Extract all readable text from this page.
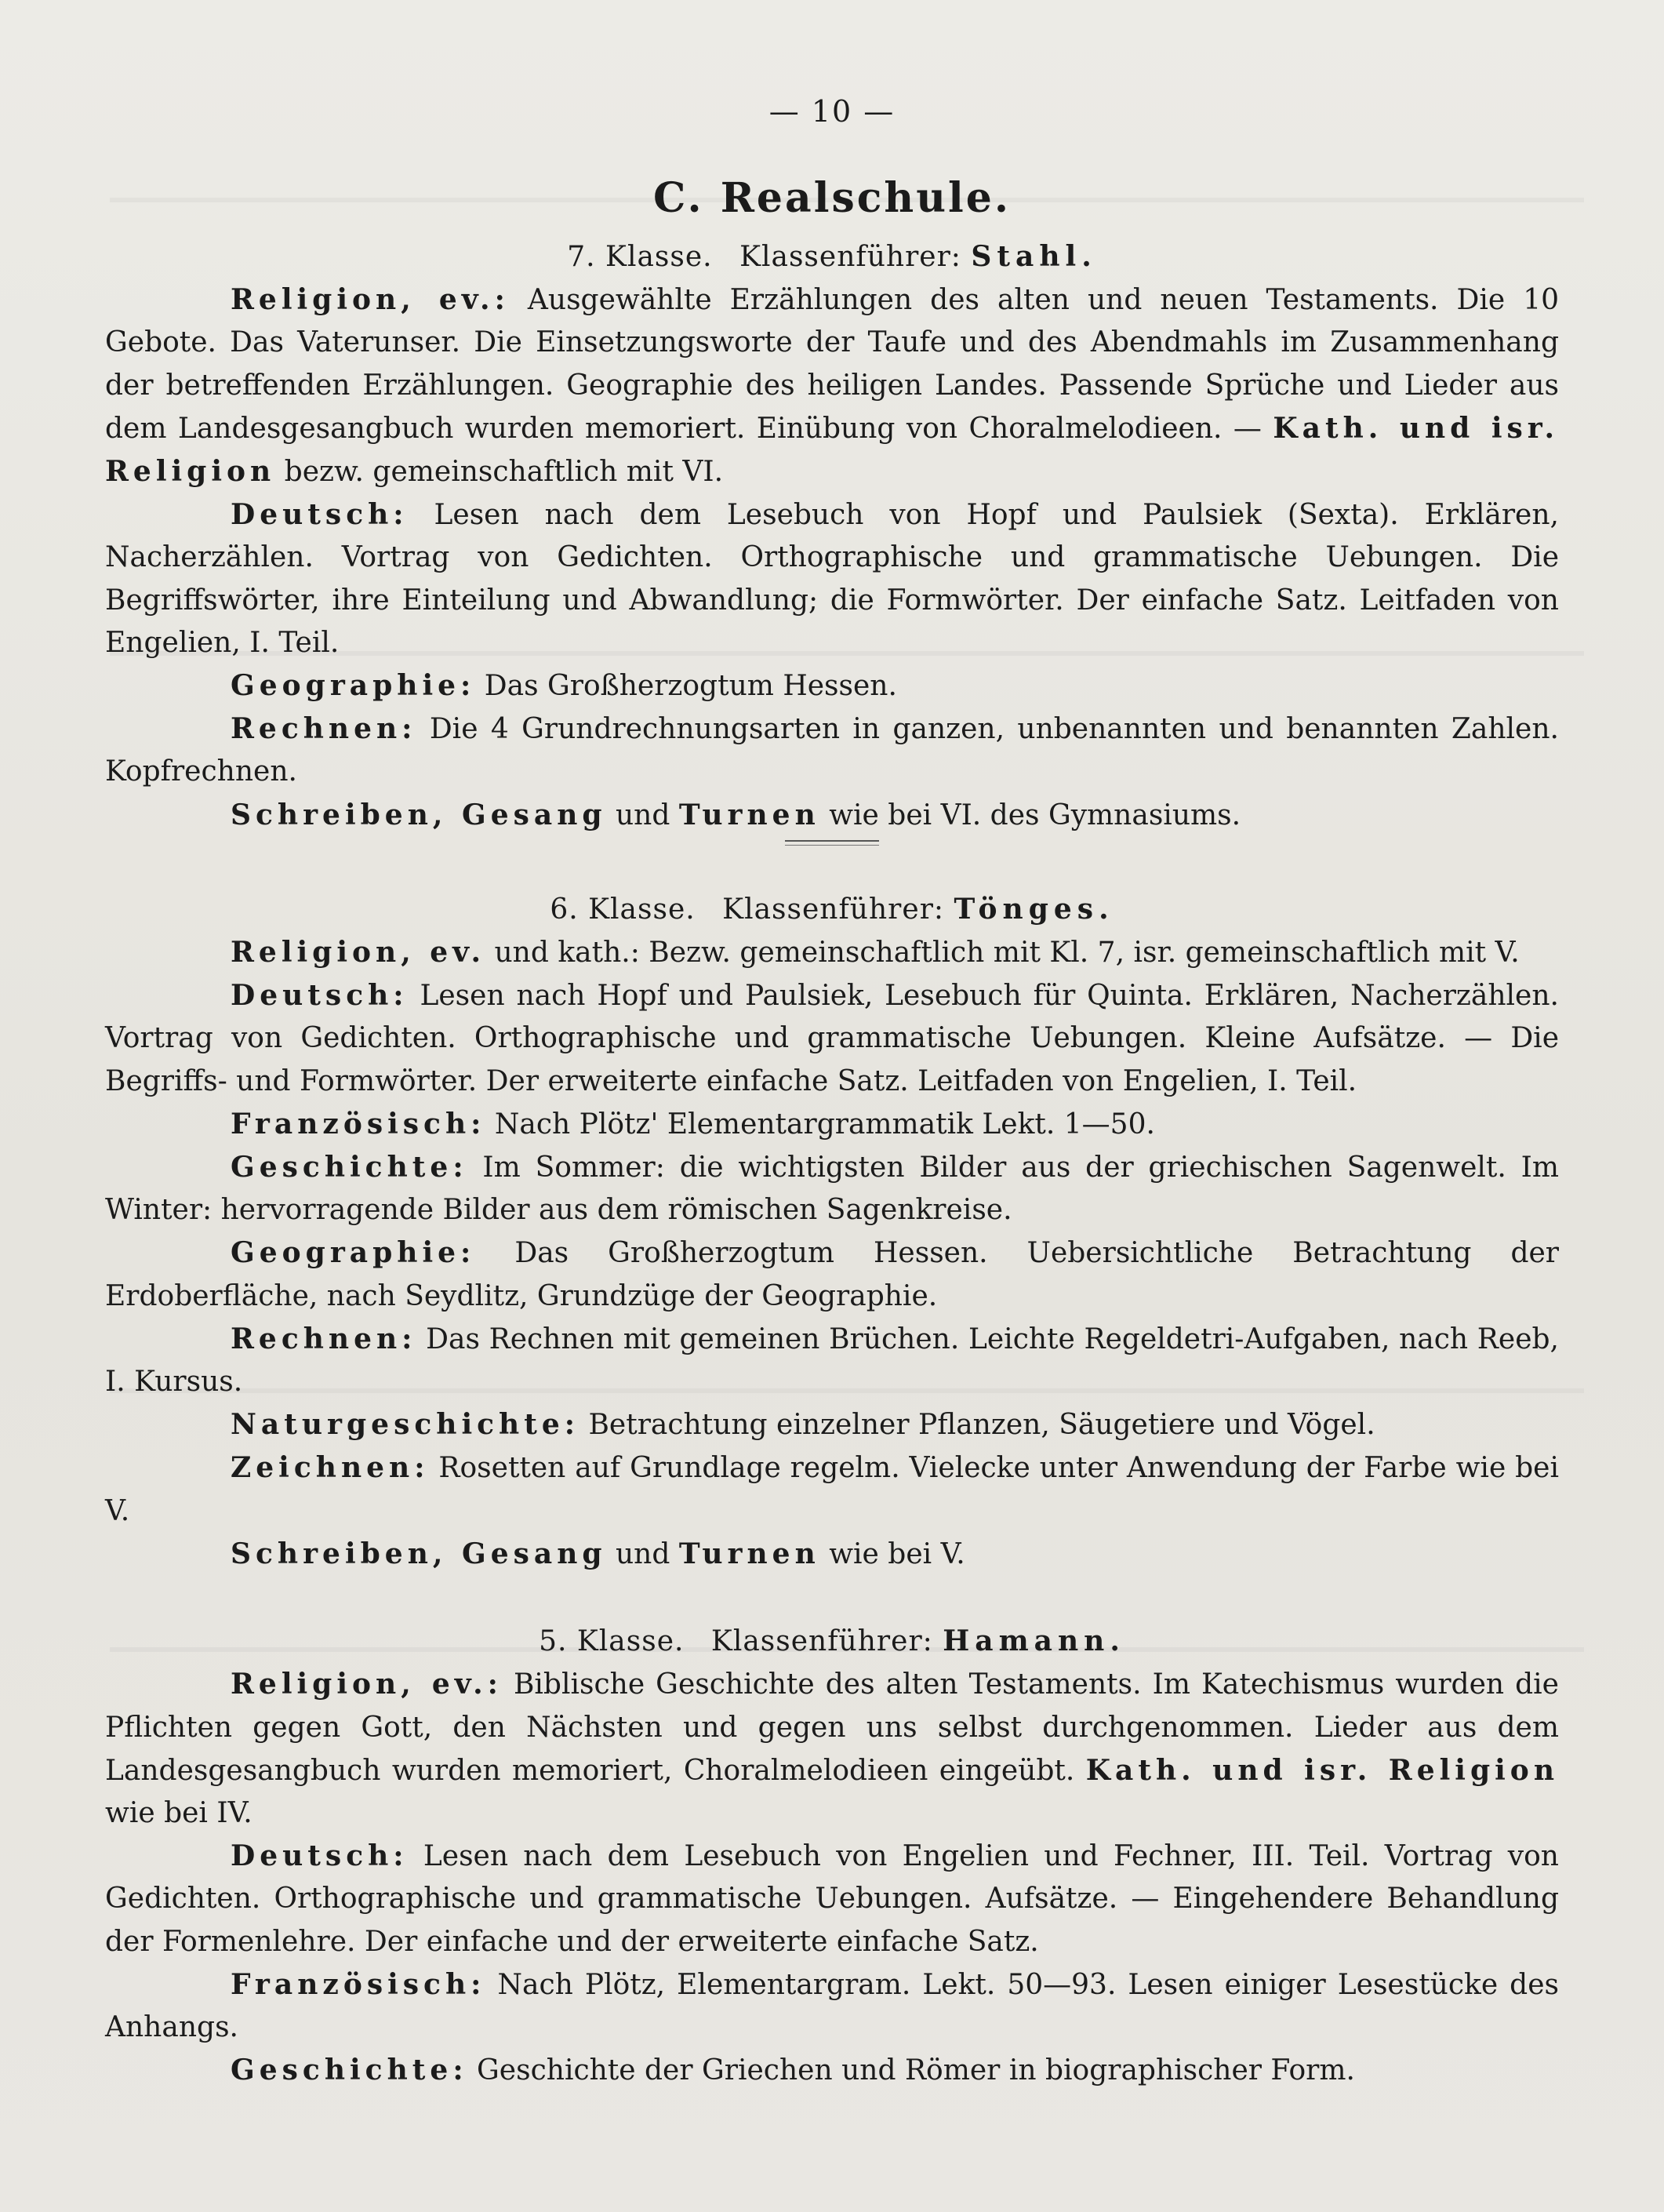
— 10 —
C. Realschule.
7. Klasse. Klassenführer: Stahl.

Religion, ev.: Ausgewählte Erzählungen des alten und neuen Testaments. Die 10 Gebote. Das Vaterunser. Die Einsetzungsworte der Taufe und des Abendmahls im Zusammenhang der betreffenden Erzählungen. Geographie des heiligen Landes. Passende Sprüche und Lieder aus dem Landesgesangbuch wurden memoriert. Einübung von Choralmelodieen. — Kath. und isr. Religion bezw. gemeinschaftlich mit VI.

Deutsch: Lesen nach dem Lesebuch von Hopf und Paulsiek (Sexta). Erklären, Nacherzählen. Vortrag von Gedichten. Orthographische und grammatische Uebungen. Die Begriffswörter, ihre Einteilung und Abwandlung; die Formwörter. Der einfache Satz. Leitfaden von Engelien, I. Teil.

Geographie: Das Großherzogtum Hessen.

Rechnen: Die 4 Grundrechnungsarten in ganzen, unbenannten und benannten Zahlen. Kopfrechnen.

Schreiben, Gesang und Turnen wie bei VI. des Gymnasiums.

6. Klasse. Klassenführer: Tönges.

Religion, ev. und kath.: Bezw. gemeinschaftlich mit Kl. 7, isr. gemeinschaftlich mit V.

Deutsch: Lesen nach Hopf und Paulsiek, Lesebuch für Quinta. Erklären, Nacherzählen. Vortrag von Gedichten. Orthographische und grammatische Uebungen. Kleine Aufsätze. — Die Begriffs- und Formwörter. Der erweiterte einfache Satz. Leitfaden von Engelien, I. Teil.

Französisch: Nach Plötz' Elementargrammatik Lekt. 1—50.

Geschichte: Im Sommer: die wichtigsten Bilder aus der griechischen Sagenwelt. Im Winter: hervorragende Bilder aus dem römischen Sagenkreise.

Geographie: Das Großherzogtum Hessen. Uebersichtliche Betrachtung der Erdoberfläche, nach Seydlitz, Grundzüge der Geographie.

Rechnen: Das Rechnen mit gemeinen Brüchen. Leichte Regeldetri-Aufgaben, nach Reeb, I. Kursus.

Naturgeschichte: Betrachtung einzelner Pflanzen, Säugetiere und Vögel.

Zeichnen: Rosetten auf Grundlage regelm. Vielecke unter Anwendung der Farbe wie bei V.

Schreiben, Gesang und Turnen wie bei V.

5. Klasse. Klassenführer: Hamann.

Religion, ev.: Biblische Geschichte des alten Testaments. Im Katechismus wurden die Pflichten gegen Gott, den Nächsten und gegen uns selbst durchgenommen. Lieder aus dem Landesgesangbuch wurden memoriert, Choralmelodieen eingeübt. Kath. und isr. Religion wie bei IV.

Deutsch: Lesen nach dem Lesebuch von Engelien und Fechner, III. Teil. Vortrag von Gedichten. Orthographische und grammatische Uebungen. Aufsätze. — Eingehendere Behandlung der Formenlehre. Der einfache und der erweiterte einfache Satz.

Französisch: Nach Plötz, Elementargram. Lekt. 50—93. Lesen einiger Lesestücke des Anhangs.

Geschichte: Geschichte der Griechen und Römer in biographischer Form.
